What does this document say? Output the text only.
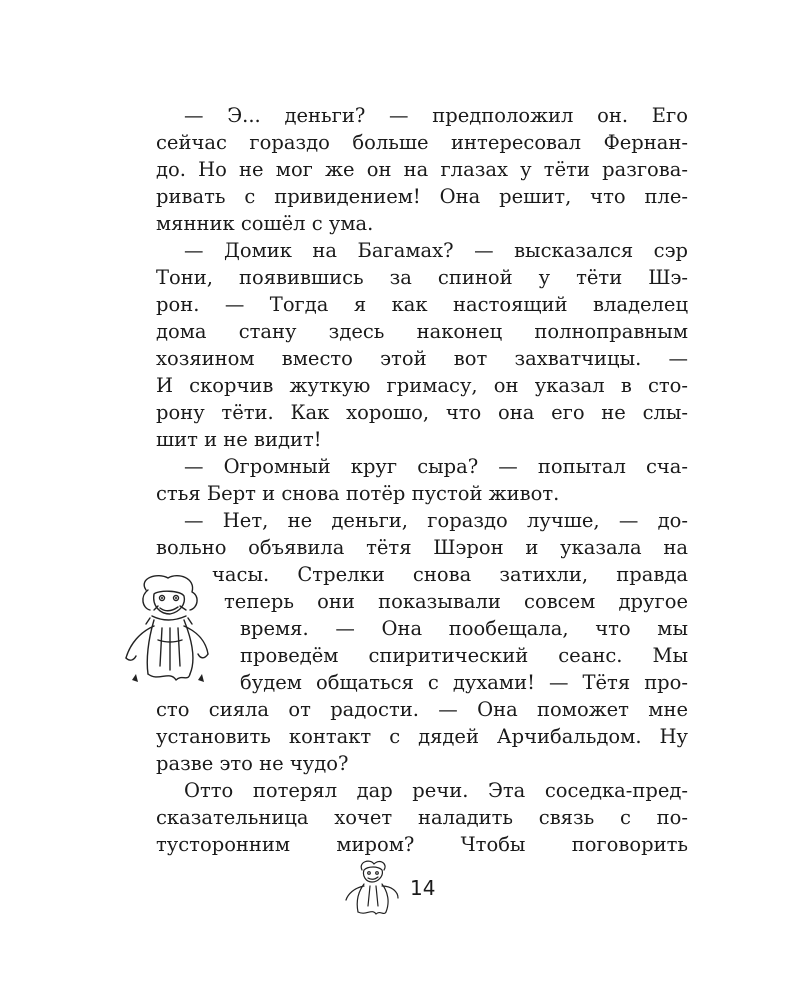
— Э... деньги? — предположил он. Его
сейчас гораздо больше интересовал Фернан-
до. Но не мог же он на глазах у тёти разгова-
ривать с привидением! Она решит, что пле-
мянник сошёл с ума.
— Домик на Багамах? — высказался сэр
Тони, появившись за спиной у тёти Шэ-
рон. — Тогда я как настоящий владелец
дома стану здесь наконец полноправным
хозяином вместо этой вот захватчицы. —
И скорчив жуткую гримасу, он указал в сто-
рону тёти. Как хорошо, что она его не слы-
шит и не видит!
— Огромный круг сыра? — попытал сча-
стья Берт и снова потёр пустой живот.
— Нет, не деньги, гораздо лучше, — до-
вольно объявила тётя Шэрон и указала на
часы. Стрелки снова затихли, правда
теперь они показывали совсем другое
время. — Она пообещала, что мы
проведём спиритический сеанс. Мы
будем общаться с духами! — Тётя про-
сто сияла от радости. — Она поможет мне
установить контакт с дядей Арчибальдом. Ну
разве это не чудо?
Отто потерял дар речи. Эта соседка-пред-
сказательница хочет наладить связь с по-
тусторонним миром? Чтобы поговорить
14
